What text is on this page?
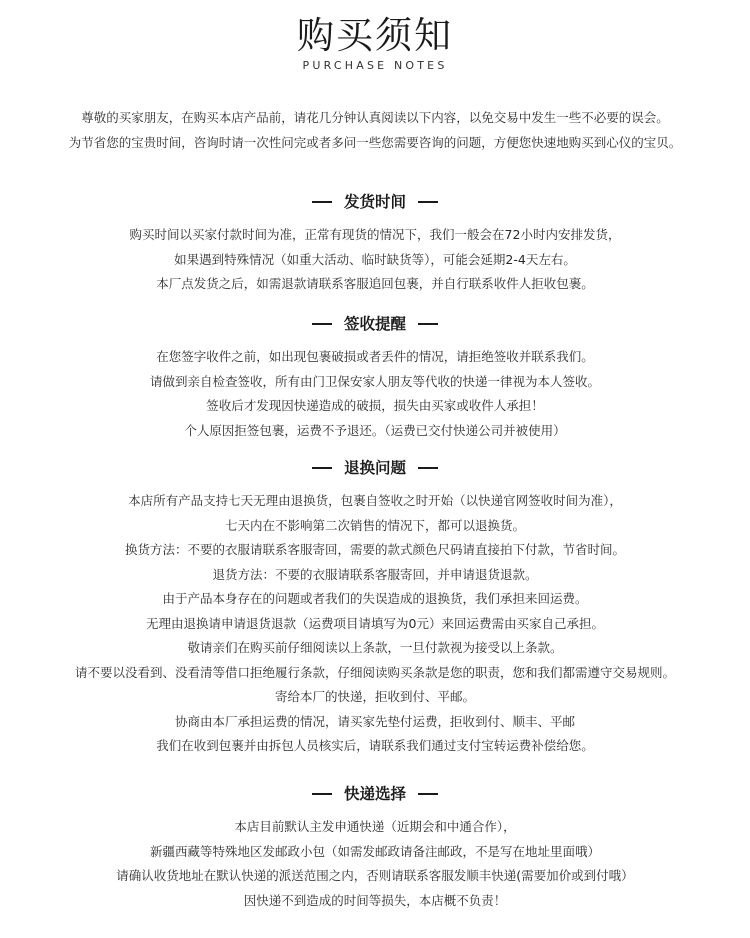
购买须知
PURCHASE NOTES
尊敬的买家朋友，在购买本店产品前，请花几分钟认真阅读以下内容，以免交易中发生一些不必要的误会。
为节省您的宝贵时间，咨询时请一次性问完或者多问一些您需要咨询的问题，方便您快速地购买到心仪的宝贝。
发货时间
购买时间以买家付款时间为准，正常有现货的情况下，我们一般会在72小时内安排发货，
如果遇到特殊情况（如重大活动、临时缺货等），可能会延期2-4天左右。
本厂点发货之后，如需退款请联系客服追回包裹，并自行联系收件人拒收包裹。
签收提醒
在您签字收件之前，如出现包裹破损或者丢件的情况，请拒绝签收并联系我们。
请做到亲自检查签收，所有由门卫保安家人朋友等代收的快递一律视为本人签收。
签收后才发现因快递造成的破损，损失由买家或收件人承担！
个人原因拒签包裹，运费不予退还。（运费已交付快递公司并被使用）
退换问题
本店所有产品支持七天无理由退换货，包裹自签收之时开始（以快递官网签收时间为准），
七天内在不影响第二次销售的情况下，都可以退换货。
换货方法：不要的衣服请联系客服寄回，需要的款式颜色尺码请直接拍下付款，节省时间。
退货方法：不要的衣服请联系客服寄回，并申请退货退款。
由于产品本身存在的问题或者我们的失误造成的退换货，我们承担来回运费。
无理由退换请申请退货退款（运费项目请填写为0元）来回运费需由买家自己承担。
敬请亲们在购买前仔细阅读以上条款，一旦付款视为接受以上条款。
请不要以没看到、没看清等借口拒绝履行条款，仔细阅读购买条款是您的职责，您和我们都需遵守交易规则。
寄给本厂的快递，拒收到付、平邮。
协商由本厂承担运费的情况，请买家先垫付运费，拒收到付、顺丰、平邮
我们在收到包裹并由拆包人员核实后，请联系我们通过支付宝转运费补偿给您。
快递选择
本店目前默认主发申通快递（近期会和中通合作），
新疆西藏等特殊地区发邮政小包（如需发邮政请备注邮政，不是写在地址里面哦）
请确认收货地址在默认快递的派送范围之内，否则请联系客服发顺丰快递(需要加价或到付哦）
因快递不到造成的时间等损失，本店概不负责！
